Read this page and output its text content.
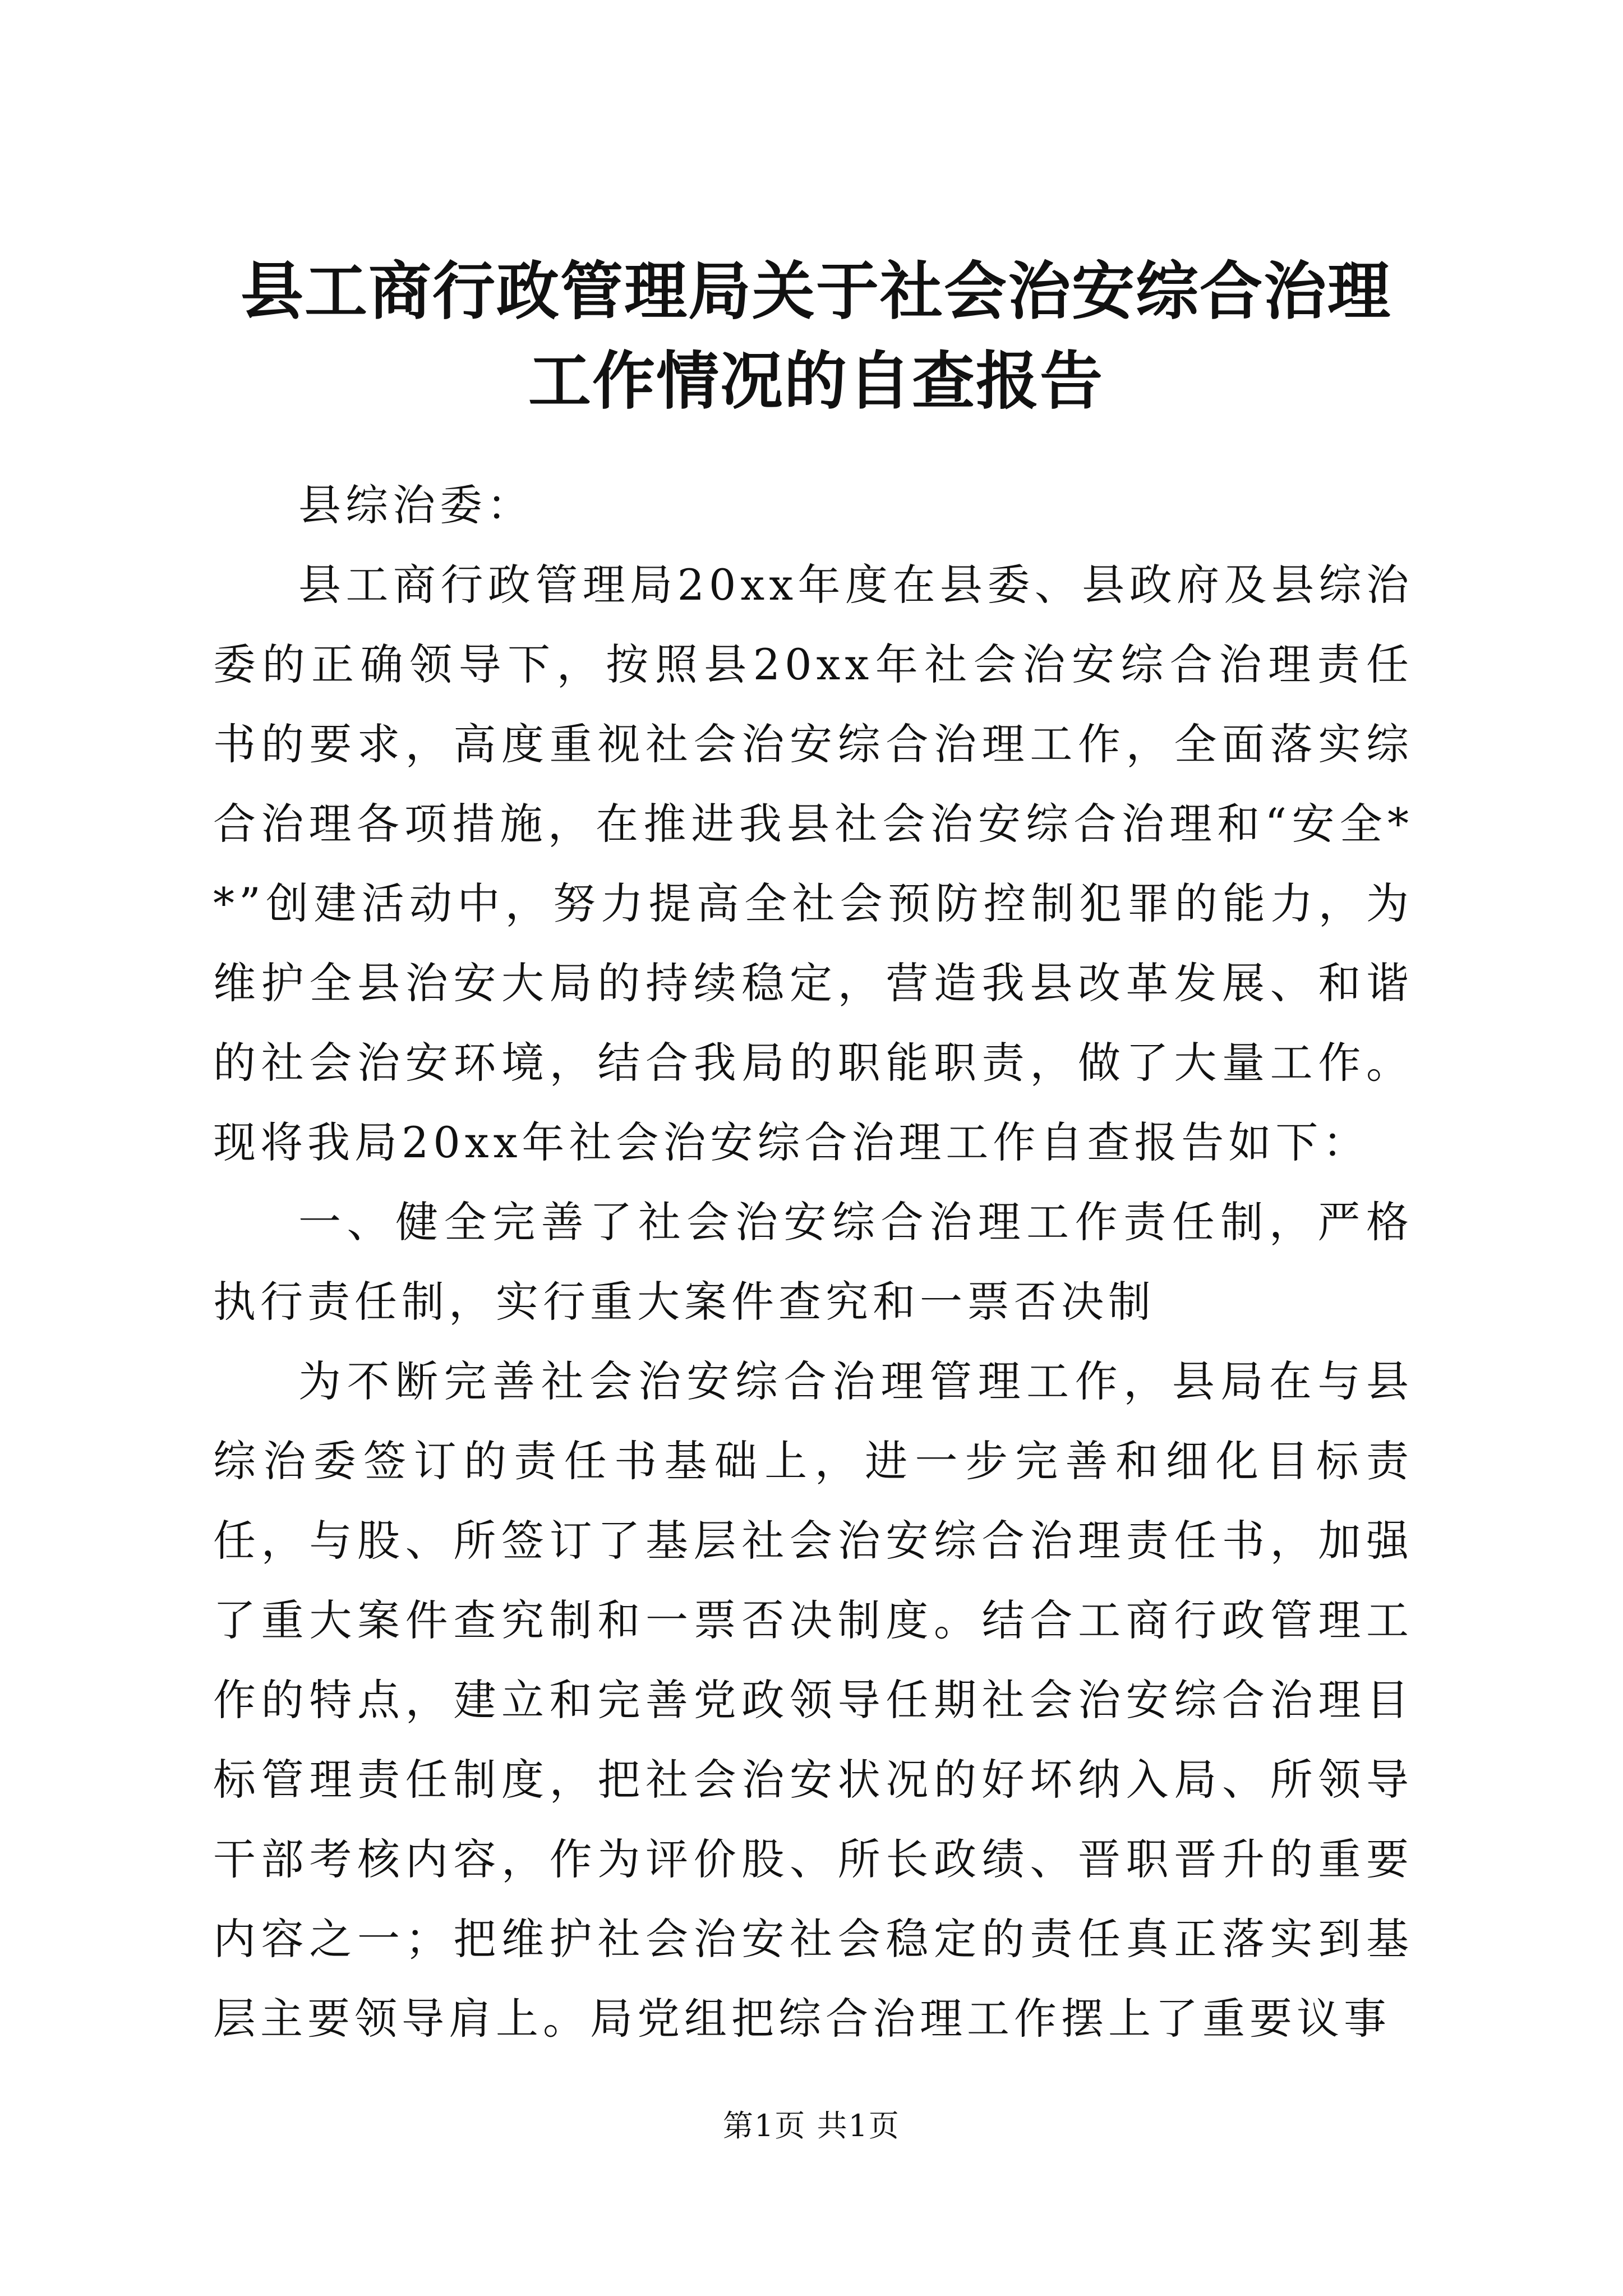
县工商行政管理局关于社会治安综合治理工作情况的自查报告

县综治委：

县工商行政管理局20xx年度在县委、县政府及县综治委的正确领导下，按照县20xx年社会治安综合治理责任书的要求，高度重视社会治安综合治理工作，全面落实综合治理各项措施，在推进我县社会治安综合治理和“安全**”创建活动中，努力提高全社会预防控制犯罪的能力，为维护全县治安大局的持续稳定，营造我县改革发展、和谐的社会治安环境，结合我局的职能职责，做了大量工作。现将我局20xx年社会治安综合治理工作自查报告如下：

一、健全完善了社会治安综合治理工作责任制，严格执行责任制，实行重大案件查究和一票否决制

为不断完善社会治安综合治理管理工作，县局在与县综治委签订的责任书基础上，进一步完善和细化目标责任，与股、所签订了基层社会治安综合治理责任书，加强了重大案件查究制和一票否决制度。结合工商行政管理工作的特点，建立和完善党政领导任期社会治安综合治理目标管理责任制度，把社会治安状况的好坏纳入局、所领导干部考核内容，作为评价股、所长政绩、晋职晋升的重要内容之一；把维护社会治安社会稳定的责任真正落实到基层主要领导肩上。局党组把综合治理工作摆上了重要议事

第1页 共1页
